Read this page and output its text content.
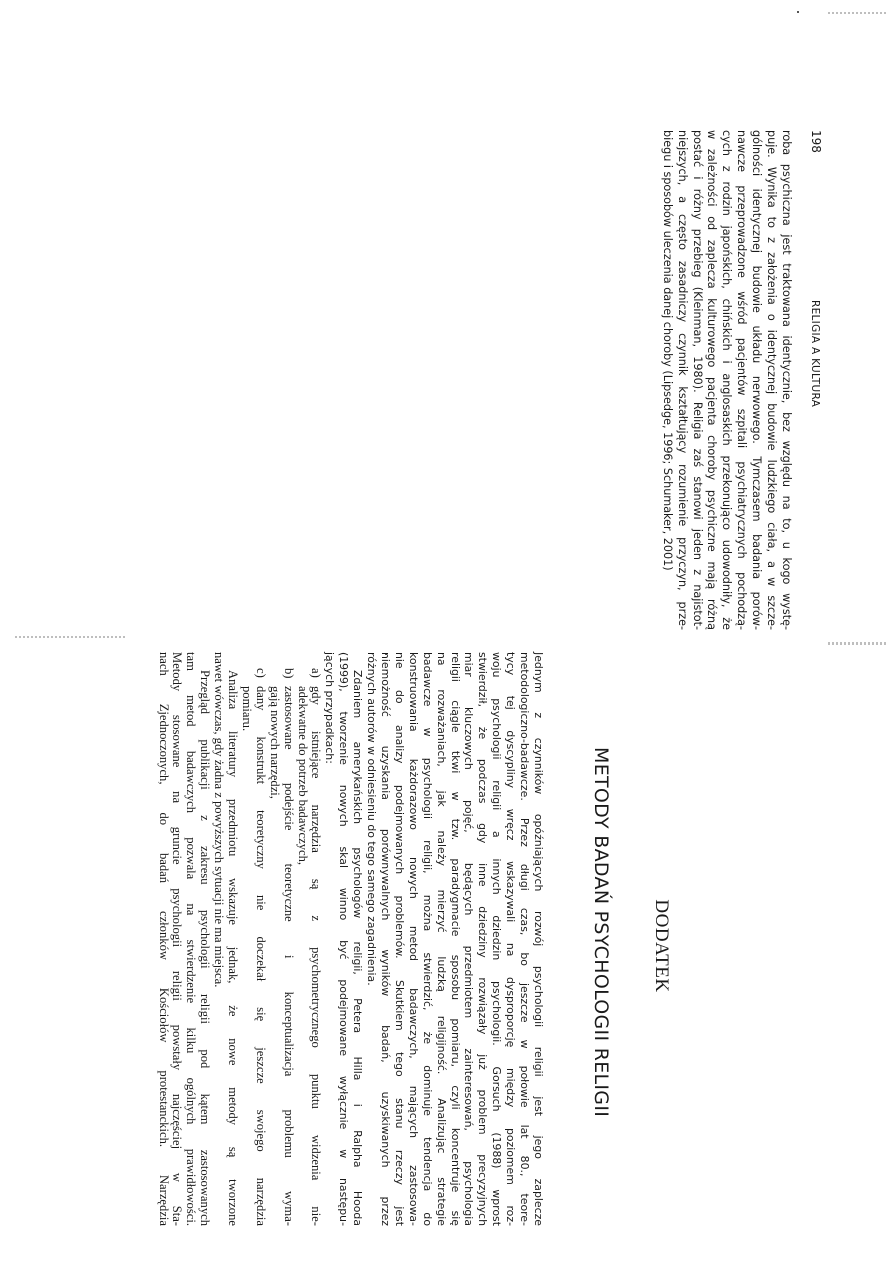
198
RELIGIA A KULTURA
roba psychiczna jest traktowana identycznie, bez względu na to, u kogo wystę-
puje. Wynika to z założenia o identycznej budowie ludzkiego ciała, a w szcze-
gólności identycznej budowie układu nerwowego. Tymczasem badania porów-
nawcze przeprowadzone wśród pacjentów szpitali psychiatrycznych pochodzą-
cych z rodzin japońskich, chińskich i anglosaskich przekonująco udowodniły, że
w zależności od zaplecza kulturowego pacjenta choroby psychiczne mają różną
postać i różny przebieg (Kleinman, 1980). Religia zaś stanowi jeden z najistot-
niejszych, a często zasadniczy czynnik kształtujący rozumienie przyczyn, prze-
biegu i sposobów uleczenia danej choroby (Lipsedge, 1996; Schumaker, 2001)
DODATEK
METODY BADAŃ PSYCHOLOGII RELIGII
Jednym z czynników opóźniających rozwój psychologii religii jest jego zaplecze
metodologiczno-badawcze. Przez długi czas, bo jeszcze w połowie lat 80., teore-
tycy tej dyscypliny wręcz wskazywali na dysproporcję między poziomem roz-
woju psychologii religii a innych dziedzin psychologii. Gorsuch (1988) wprost
stwierdził, że podczas gdy inne dziedziny rozwiązały już problem precyzyjnych
miar kluczowych pojęć, będących przedmiotem zainteresowań, psychologia
religii ciągle tkwi w tzw. paradygmacie sposobu pomiaru, czyli koncentruje się
na rozważaniach, jak należy mierzyć ludzką religijność. Analizując strategie
badawcze w psychologii religii, można stwierdzić, że dominuje tendencja do
konstruowania każdorazowo nowych metod badawczych, mających zastosowa-
nie do analizy podejmowanych problemów. Skutkiem tego stanu rzeczy jest
niemożność uzyskania porównywalnych wyników badań, uzyskiwanych przez
różnych autorów w odniesieniu do tego samego zagadnienia.
Zdaniem amerykańskich psychologów religii, Petera Hilla i Ralpha Hooda
(1999), tworzenie nowych skal winno być podejmowane wyłącznie w następu-
jących przypadkach:
a)
gdy istniejące narzędzia są z psychometrycznego punktu widzenia nie-
adekwatne do potrzeb badawczych,
b)
zastosowane podejście teoretyczne i konceptualizacja problemu wyma-
gają nowych narzędzi,
c)
dany konstrukt teoretyczny nie doczekał się jeszcze swojego narzędzia
pomiaru.
Analiza literatury przedmiotu wskazuje jednak, że nowe metody są tworzone
nawet wówczas, gdy żadna z powyższych sytuacji nie ma miejsca.
Przegląd publikacji z zakresu psychologii religii pod kątem zastosowanych
tam metod badawczych pozwala na stwierdzenie kilku ogólnych prawidłowości.
Metody stosowane na gruncie psychologii religii powstały najczęściej w Sta-
nach Zjednoczonych, do badań członków Kościołów protestanckich. Narzędzia
